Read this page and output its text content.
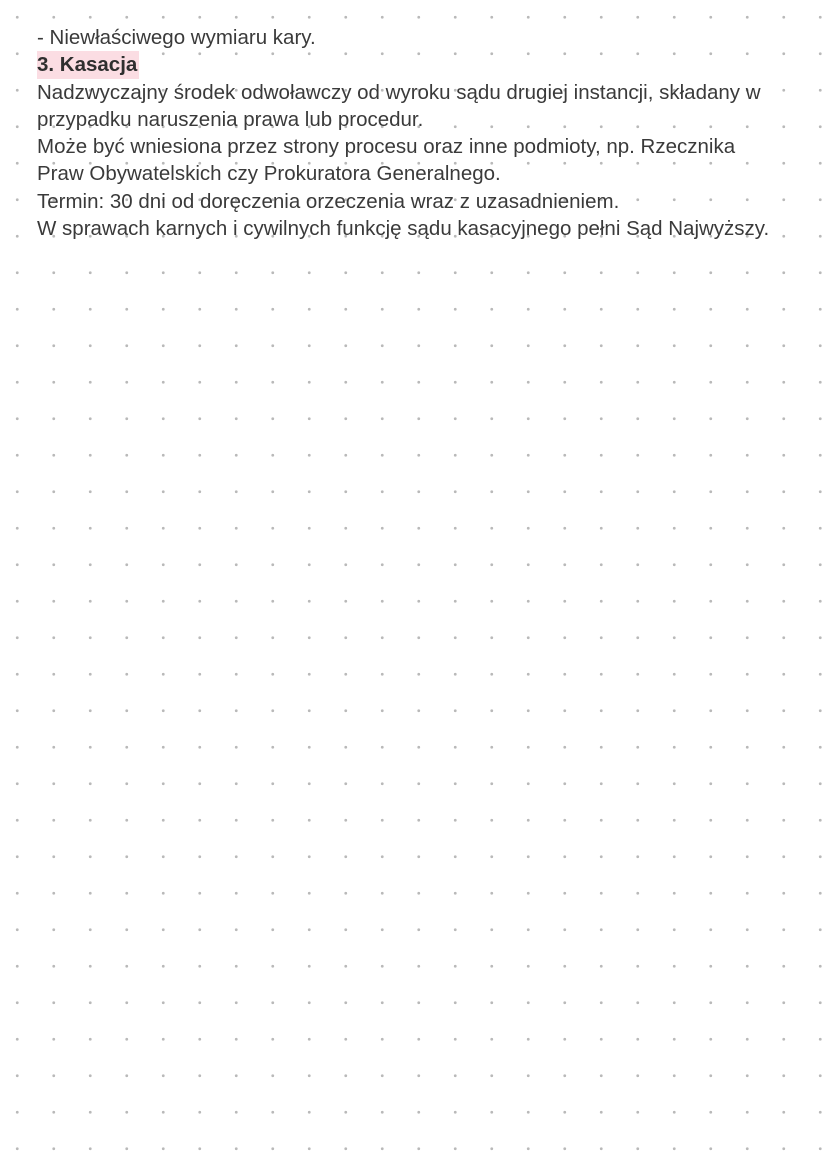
- Niewłaściwego wymiaru kary.
3. Kasacja
Nadzwyczajny środek odwoławczy od wyroku sądu drugiej instancji, składany w
przypadku naruszenia prawa lub procedur.
Może być wniesiona przez strony procesu oraz inne podmioty, np. Rzecznika
Praw Obywatelskich czy Prokuratora Generalnego.
Termin: 30 dni od doręczenia orzeczenia wraz z uzasadnieniem.
W sprawach karnych i cywilnych funkcję sądu kasacyjnego pełni Sąd Najwyższy.
